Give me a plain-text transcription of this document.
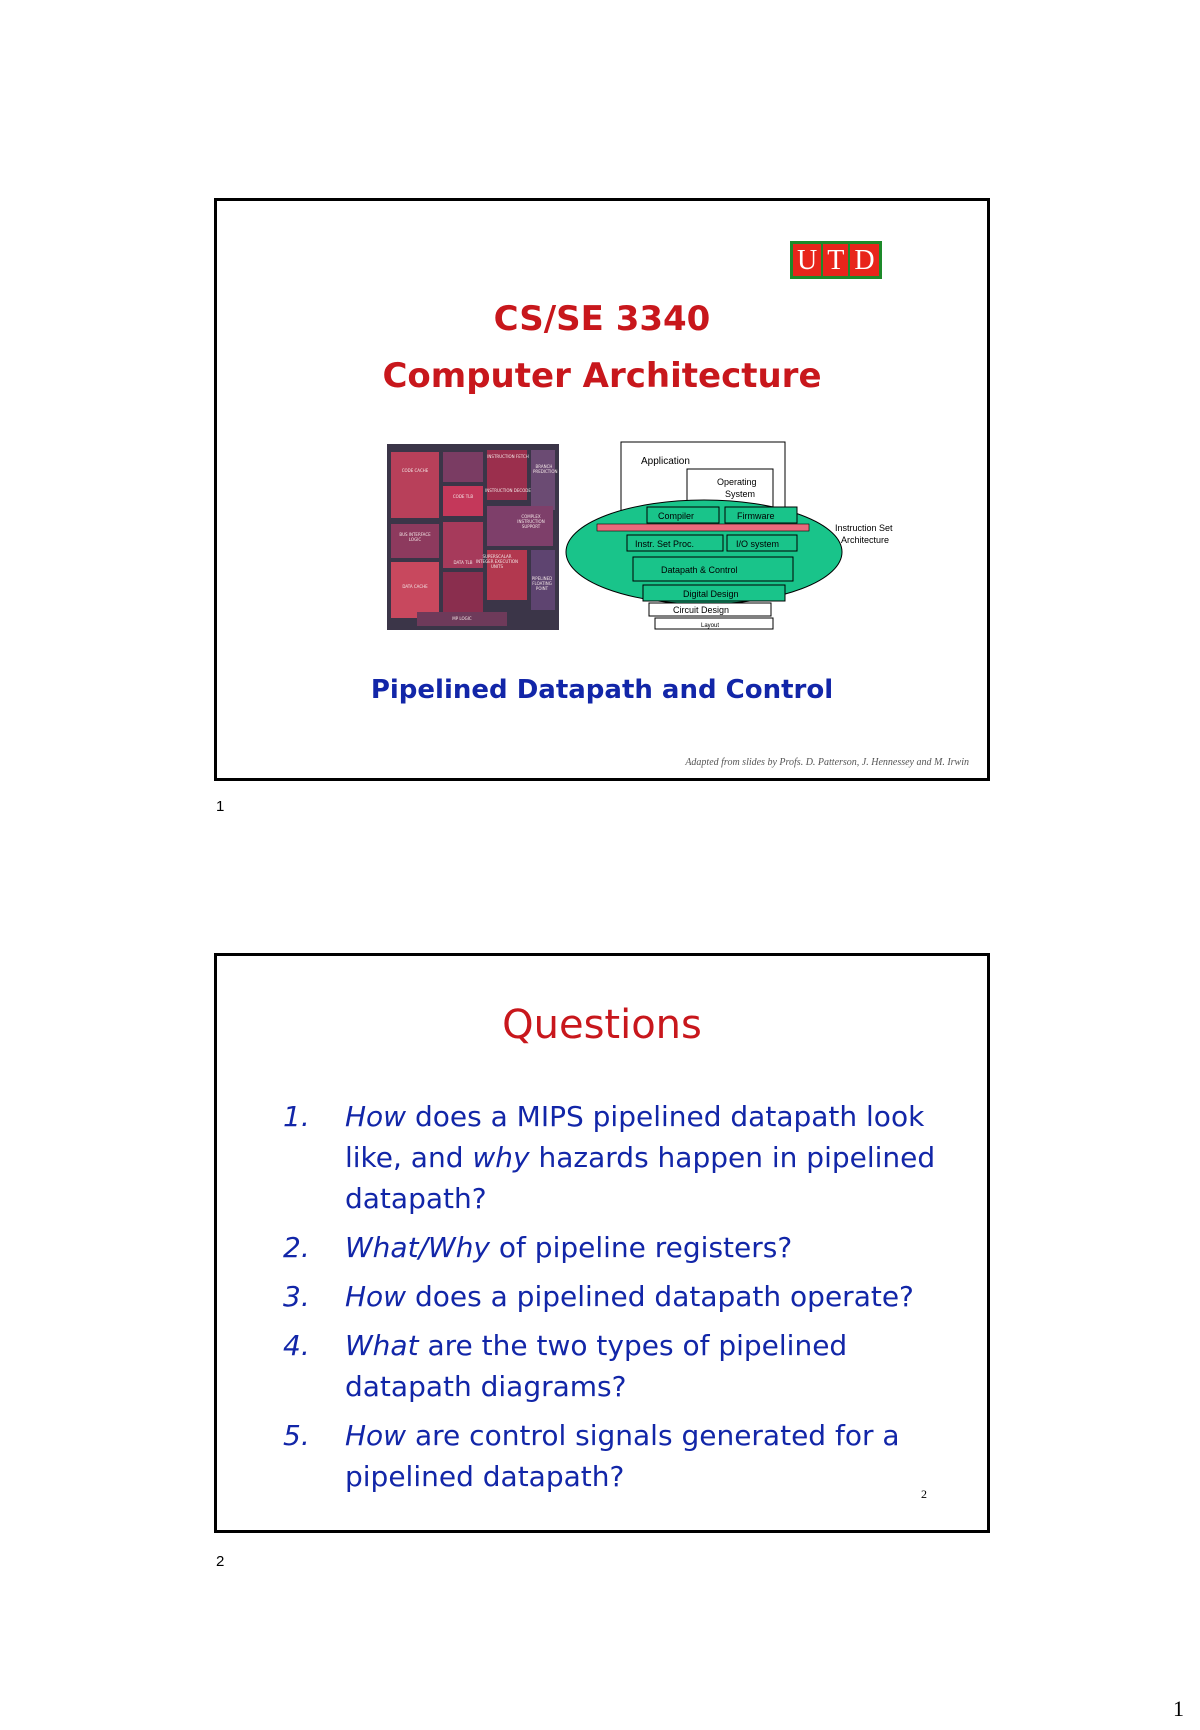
U T D
CS/SE 3340
Computer Architecture
CODE CACHE
INSTRUCTION FETCH
BRANCH PREDICTION
CODE TLB
INSTRUCTION DECODE
BUS INTERFACE LOGIC
COMPLEX INSTRUCTION SUPPORT
SUPERSCALAR INTEGER EXECUTION UNITS
DATA TLB
DATA CACHE
PIPELINED FLOATING POINT
MP LOGIC
Application
Operating
System
Compiler	Firmware
Instruction Set
Architecture
Instr. Set Proc.	I/O system
Datapath & Control
Digital Design
Circuit Design
Layout
Pipelined Datapath and Control
Adapted from slides by Profs. D. Patterson, J. Hennessey and M. Irwin
1
Questions
1. How does a MIPS pipelined datapath look like, and why hazards happen in pipelined datapath?
2. What/Why of pipeline registers?
3. How does a pipelined datapath operate?
4. What are the two types of pipelined datapath diagrams?
5. How are control signals generated for a pipelined datapath?
2
2
1
